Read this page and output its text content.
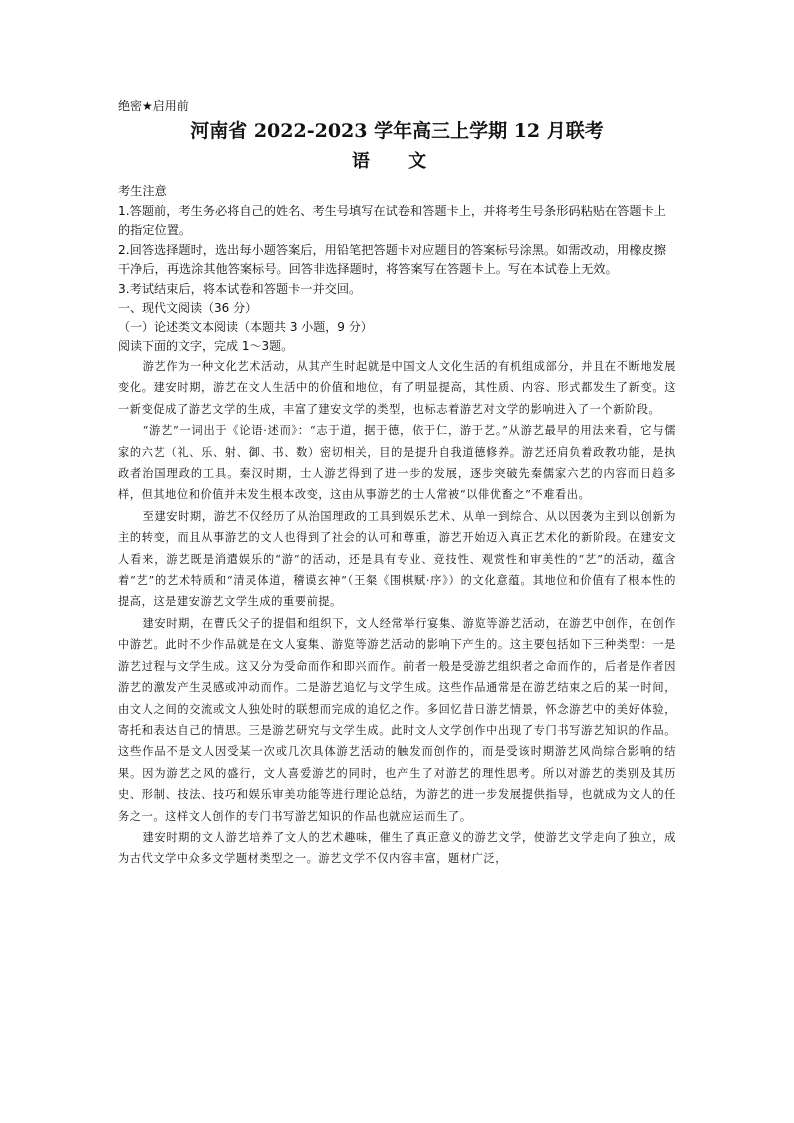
绝密★启用前
河南省 2022-2023 学年高三上学期 12 月联考
语 文

考生注意

1.答题前，考生务必将自己的姓名、考生号填写在试卷和答题卡上，并将考生号条形码粘贴在答题卡上的指定位置。

2.回答选择题时，选出每小题答案后，用铅笔把答题卡对应题目的答案标号涂黑。如需改动，用橡皮擦干净后，再选涂其他答案标号。回答非选择题时，将答案写在答题卡上。写在本试卷上无效。

3.考试结束后，将本试卷和答题卡一并交回。

一、现代文阅读（36 分）

（一）论述类文本阅读（本题共 3 小题，9 分）

阅读下面的文字，完成 1～3题。

游艺作为一种文化艺术活动，从其产生时起就是中国文人文化生活的有机组成部分，并且在不断地发展变化。建安时期，游艺在文人生活中的价值和地位，有了明显提高，其性质、内容、形式都发生了新变。这一新变促成了游艺文学的生成，丰富了建安文学的类型，也标志着游艺对文学的影响进入了一个新阶段。

“游艺”一词出于《论语·述而》：“志于道，据于德，依于仁，游于艺。”从游艺最早的用法来看，它与儒家的六艺（礼、乐、射、御、书、数）密切相关，目的是提升自我道德修养。游艺还肩负着政教功能，是执政者治国理政的工具。秦汉时期，士人游艺得到了进一步的发展，逐步突破先秦儒家六艺的内容而日趋多样，但其地位和价值并未发生根本改变，这由从事游艺的士人常被“以俳优畜之”不难看出。

至建安时期，游艺不仅经历了从治国理政的工具到娱乐艺术、从单一到综合、从以因袭为主到以创新为主的转变，而且从事游艺的文人也得到了社会的认可和尊重，游艺开始迈入真正艺术化的新阶段。在建安文人看来，游艺既是消遣娱乐的“游”的活动，还是具有专业、竞技性、观赏性和审美性的“艺”的活动，蕴含着“艺”的艺术特质和“清灵体道，稽谟玄神”（王粲《围棋赋·序》）的文化意蕴。其地位和价值有了根本性的提高，这是建安游艺文学生成的重要前提。

建安时期，在曹氏父子的提倡和组织下，文人经常举行宴集、游览等游艺活动，在游艺中创作，在创作中游艺。此时不少作品就是在文人宴集、游览等游艺活动的影响下产生的。这主要包括如下三种类型：一是游艺过程与文学生成。这又分为受命而作和即兴而作。前者一般是受游艺组织者之命而作的，后者是作者因游艺的激发产生灵感或冲动而作。二是游艺追忆与文学生成。这些作品通常是在游艺结束之后的某一时间，由文人之间的交流或文人独处时的联想而完成的追忆之作。多回忆昔日游艺情景，怀念游艺中的美好体验，寄托和表达自己的情思。三是游艺研究与文学生成。此时文人文学创作中出现了专门书写游艺知识的作品。这些作品不是文人因受某一次或几次具体游艺活动的触发而创作的，而是受该时期游艺风尚综合影响的结果。因为游艺之风的盛行，文人喜爱游艺的同时，也产生了对游艺的理性思考。所以对游艺的类别及其历史、形制、技法、技巧和娱乐审美功能等进行理论总结，为游艺的进一步发展提供指导，也就成为文人的任务之一。这样文人创作的专门书写游艺知识的作品也就应运而生了。

建安时期的文人游艺培养了文人的艺术趣味，催生了真正意义的游艺文学，使游艺文学走向了独立，成为古代文学中众多文学题材类型之一。游艺文学不仅内容丰富，题材广泛，
